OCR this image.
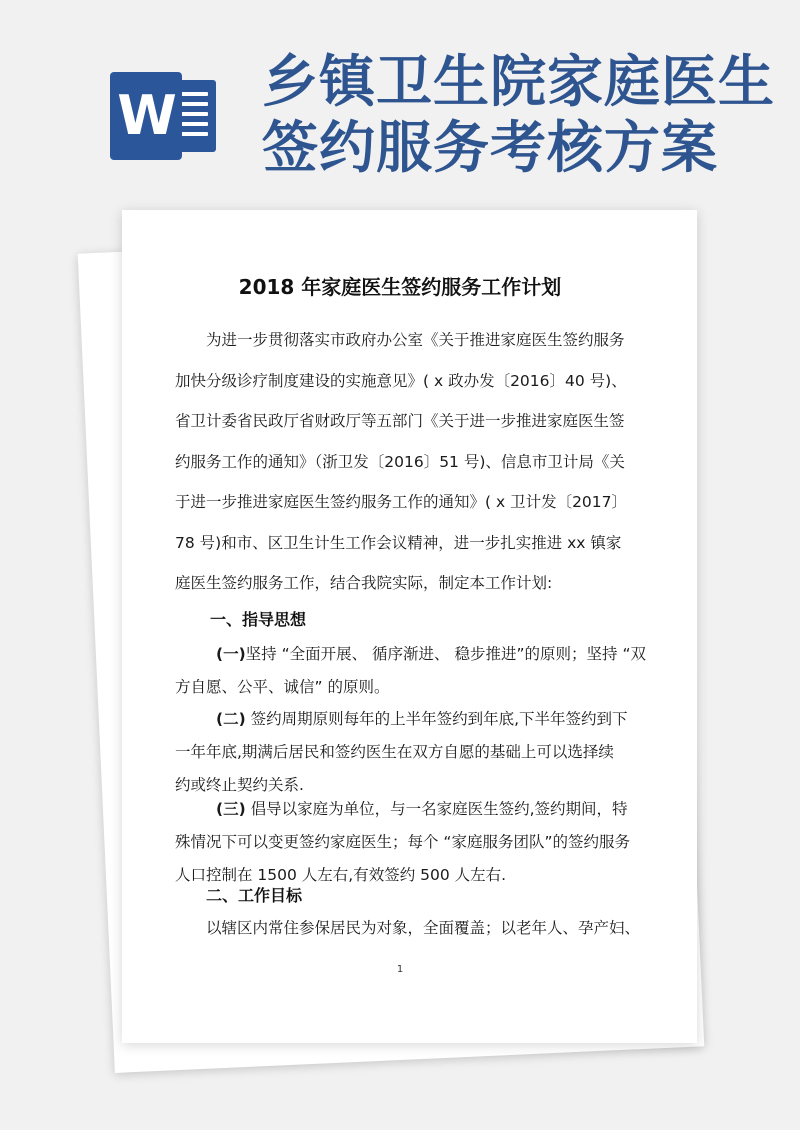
W
乡镇卫生院家庭医生签约服务考核方案
2018 年家庭医生签约服务工作计划
为进一步贯彻落实市政府办公室《关于推进家庭医生签约服务
加快分级诊疗制度建设的实施意见》( x 政办发〔2016〕40 号)、
省卫计委省民政厅省财政厅等五部门《关于进一步推进家庭医生签
约服务工作的通知》（浙卫发〔2016〕51 号)、信息市卫计局《关
于进一步推进家庭医生签约服务工作的通知》( x 卫计发〔2017〕
78 号)和市、区卫生计生工作会议精神，进一步扎实推进 xx 镇家
庭医生签约服务工作，结合我院实际，制定本工作计划:
一、指导思想
(一)坚持 “全面开展、 循序渐进、 稳步推进”的原则；坚持 “双
方自愿、公平、诚信” 的原则。
(二) 签约周期原则每年的上半年签约到年底,下半年签约到下
一年年底,期满后居民和签约医生在双方自愿的基础上可以选择续
约或终止契约关系.
(三) 倡导以家庭为单位，与一名家庭医生签约,签约期间，特
殊情况下可以变更签约家庭医生；每个 “家庭服务团队”的签约服务
人口控制在 1500 人左右,有效签约 500 人左右.
二、工作目标
以辖区内常住参保居民为对象，全面覆盖；以老年人、孕产妇、
1
